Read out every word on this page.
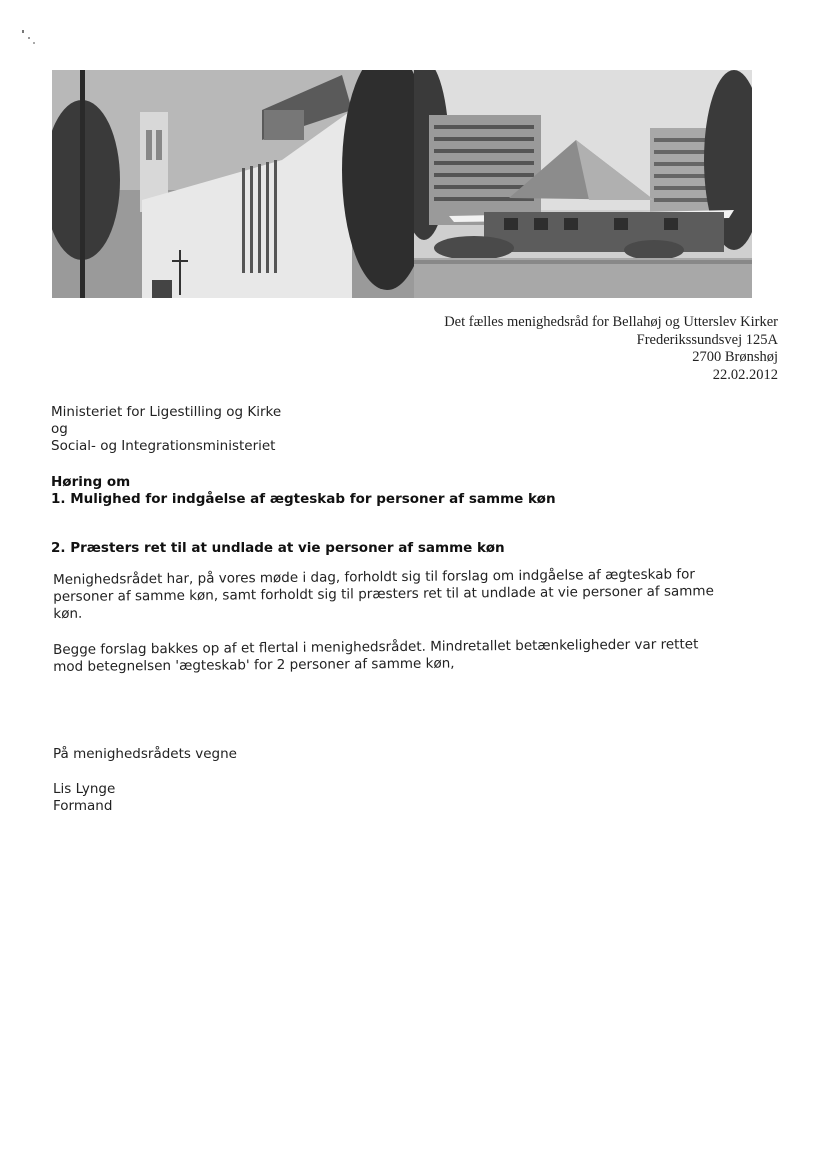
Det fælles menighedsråd for Bellahøj og Utterslev Kirker
Frederikssundsvej 125A
2700 Brønshøj
22.02.2012
Ministeriet for Ligestilling og Kirke
og
Social- og Integrationsministeriet
Høring om
1. Mulighed for indgåelse af ægteskab for personer af samme køn
2. Præsters ret til at undlade at vie personer af samme køn
Menighedsrådet har, på vores møde i dag, forholdt sig til forslag om indgåelse af ægteskab for
personer af samme køn, samt forholdt sig til præsters ret til at undlade at vie personer af samme
køn.
Begge forslag bakkes op af et flertal i menighedsrådet. Mindretallet betænkeligheder var rettet
mod betegnelsen 'ægteskab' for 2 personer af samme køn,
På menighedsrådets vegne
Lis Lynge
Formand
